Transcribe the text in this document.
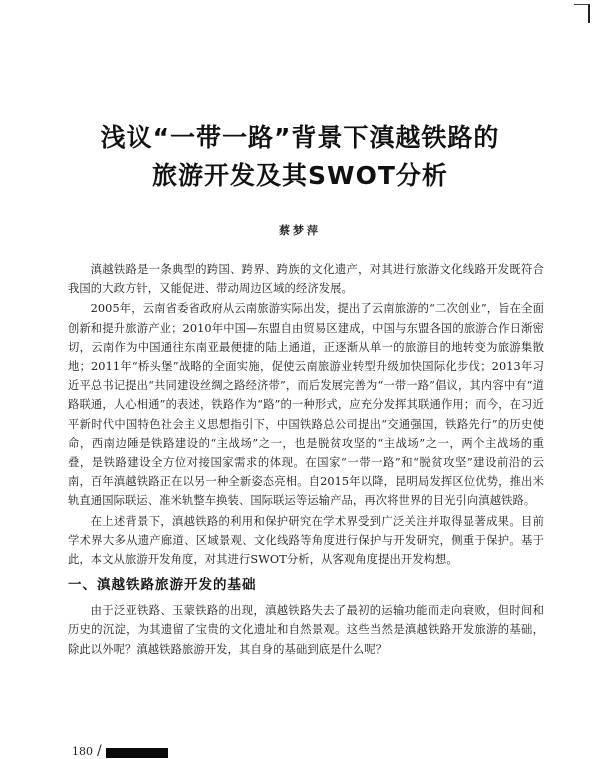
浅议“一带一路”背景下滇越铁路的
旅游开发及其SWOT分析
蔡梦萍

滇越铁路是一条典型的跨国、跨界、跨族的文化遗产，对其进行旅游文化线路开发既符合我国的大政方针，又能促进、带动周边区域的经济发展。

2005年，云南省委省政府从云南旅游实际出发，提出了云南旅游的“二次创业”，旨在全面创新和提升旅游产业；2010年中国—东盟自由贸易区建成，中国与东盟各国的旅游合作日渐密切，云南作为中国通往东南亚最便捷的陆上通道，正逐渐从单一的旅游目的地转变为旅游集散地；2011年“桥头堡”战略的全面实施，促使云南旅游业转型升级加快国际化步伐；2013年习近平总书记提出“共同建设丝绸之路经济带”，而后发展完善为“一带一路”倡议，其内容中有“道路联通，人心相通”的表述，铁路作为“路”的一种形式，应充分发挥其联通作用；而今，在习近平新时代中国特色社会主义思想指引下，中国铁路总公司提出“交通强国，铁路先行”的历史使命，西南边陲是铁路建设的“主战场”之一，也是脱贫攻坚的“主战场”之一，两个主战场的重叠，是铁路建设全方位对接国家需求的体现。在国家“一带一路”和“脱贫攻坚”建设前沿的云南，百年滇越铁路正在以另一种全新姿态亮相。自2015年以降，昆明局发挥区位优势，推出米轨直通国际联运、准米轨整车换装、国际联运等运输产品，再次将世界的目光引向滇越铁路。

在上述背景下，滇越铁路的利用和保护研究在学术界受到广泛关注并取得显著成果。目前学术界大多从遗产廊道、区域景观、文化线路等角度进行保护与开发研究，侧重于保护。基于此，本文从旅游开发角度，对其进行SWOT分析，从客观角度提出开发构想。

一、滇越铁路旅游开发的基础

由于泛亚铁路、玉蒙铁路的出现，滇越铁路失去了最初的运输功能而走向衰败，但时间和历史的沉淀，为其遗留了宝贵的文化遗址和自然景观。这些当然是滇越铁路开发旅游的基础，除此以外呢？滇越铁路旅游开发，其自身的基础到底是什么呢？

180 /
